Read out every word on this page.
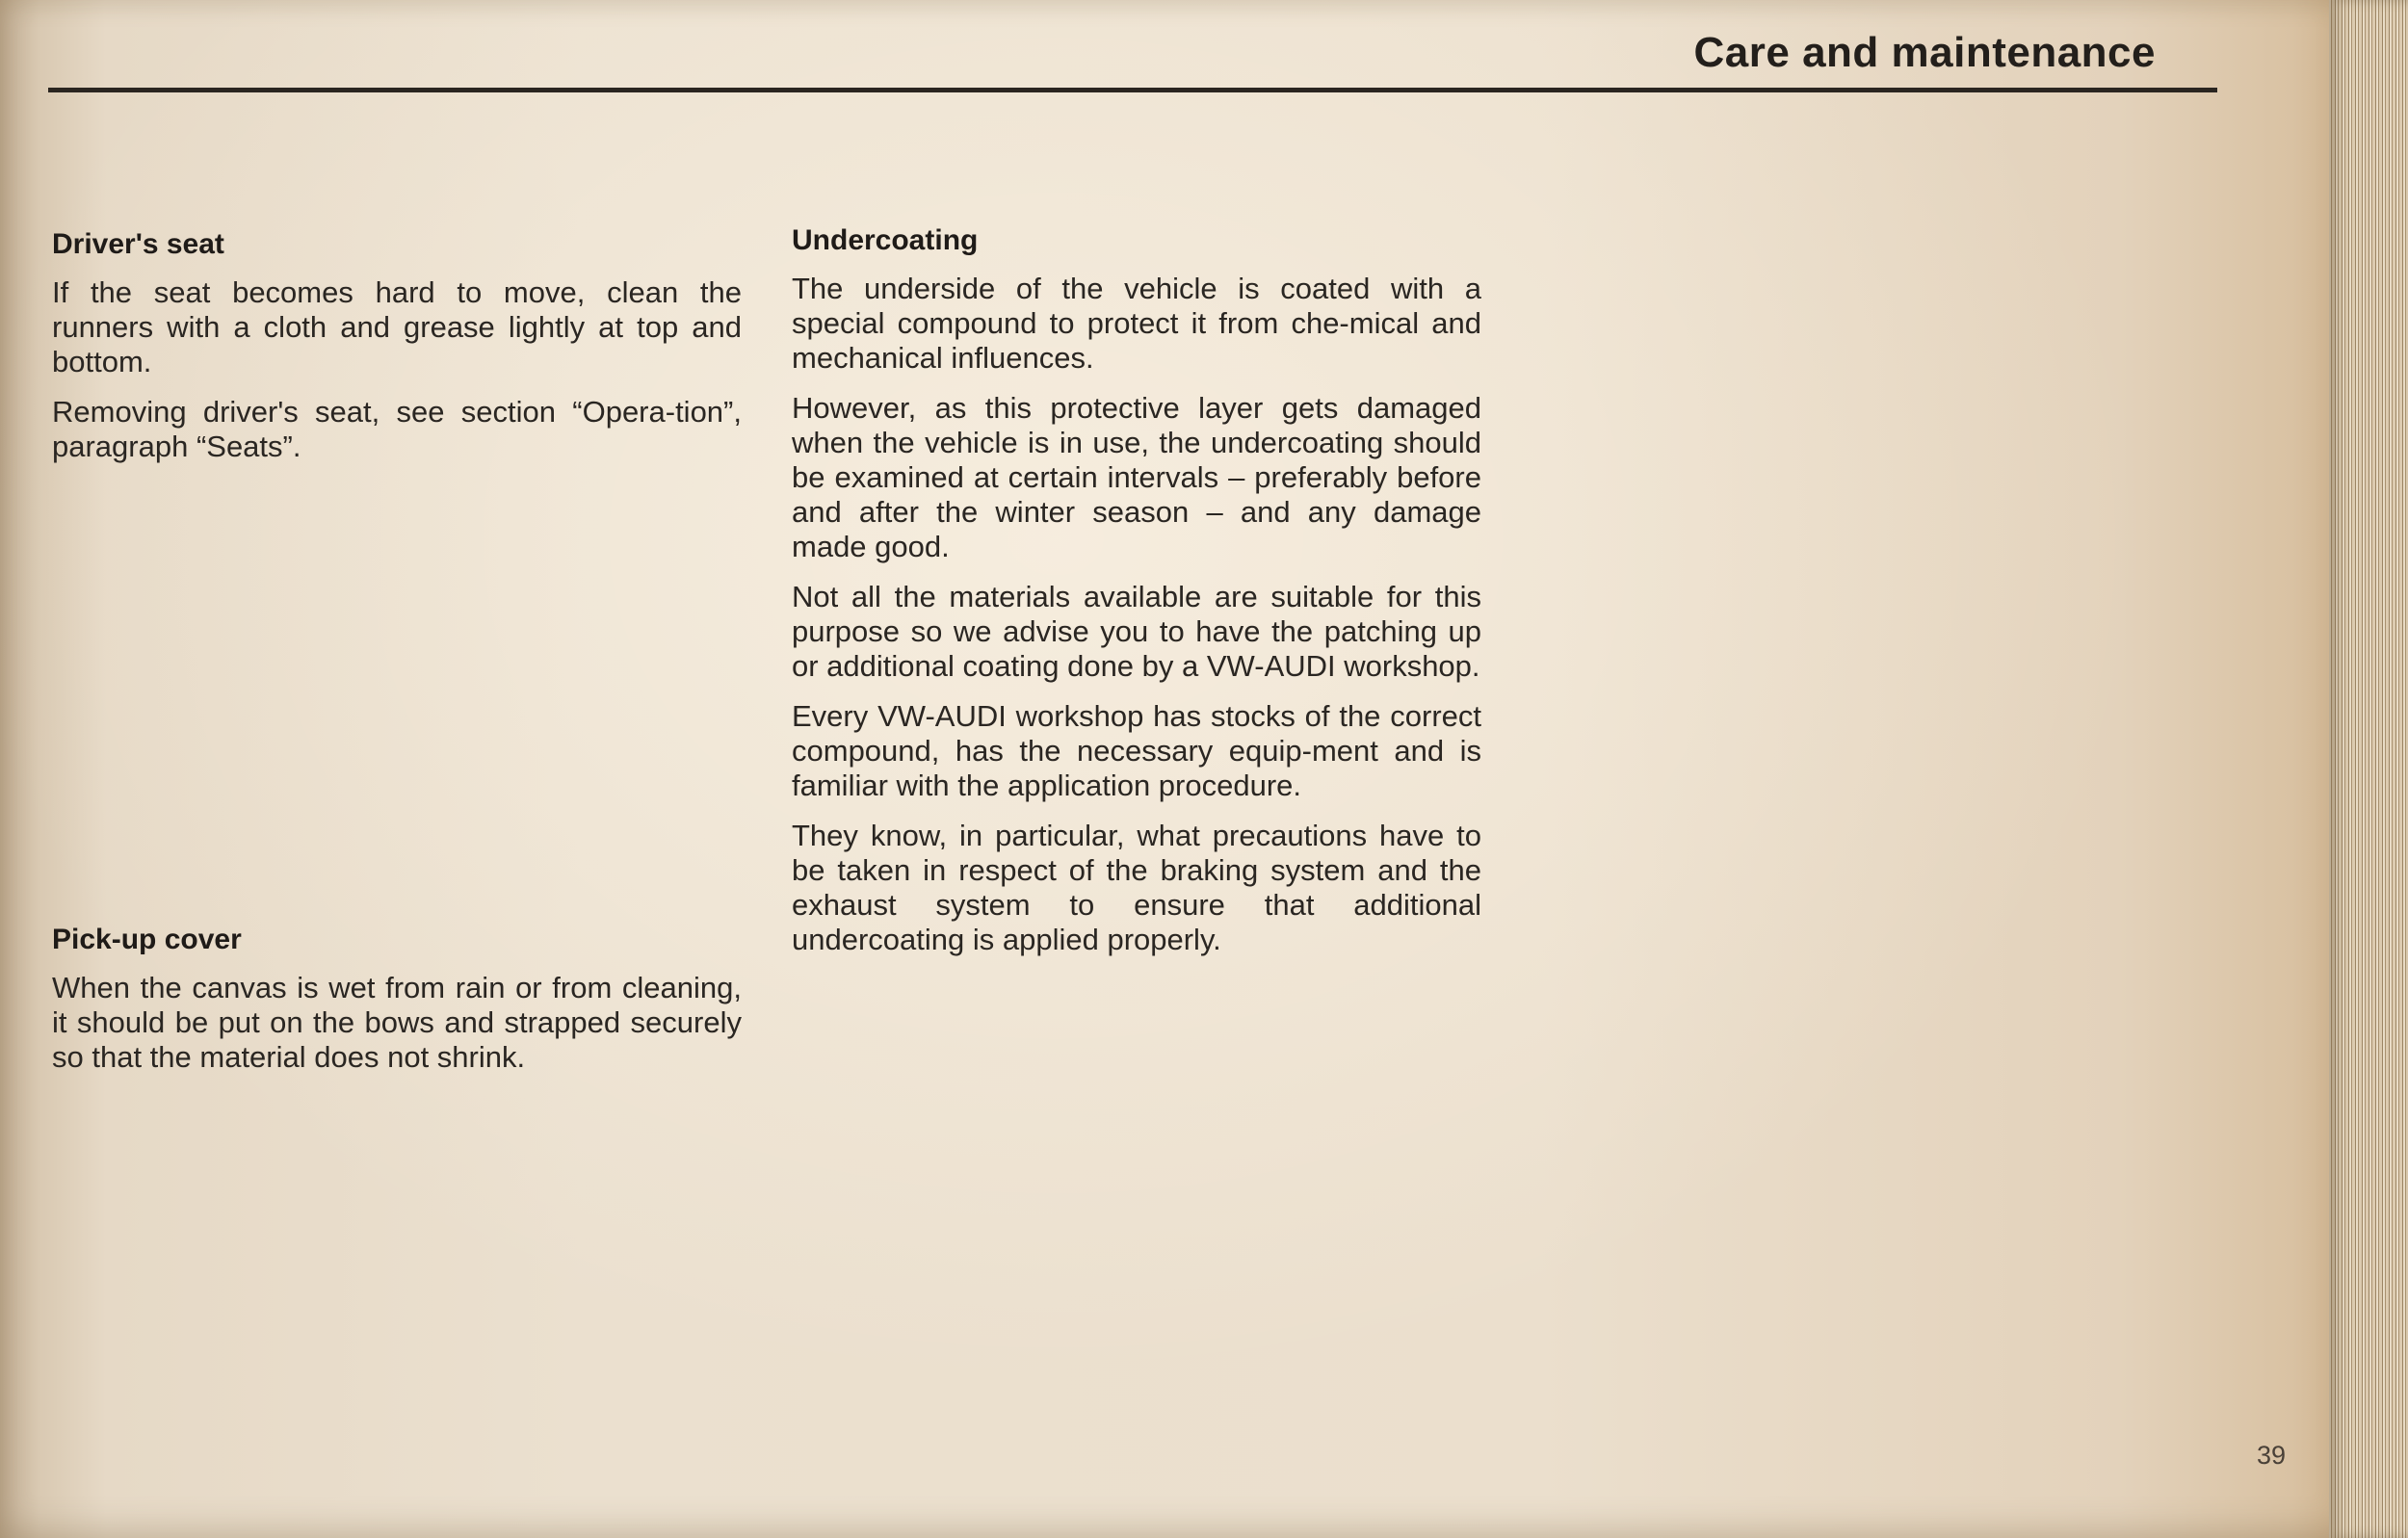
Care and maintenance
Driver's seat

If the seat becomes hard to move, clean the runners with a cloth and grease lightly at top and bottom.

Removing driver's seat, see section “Opera-tion”, paragraph “Seats”.

Pick-up cover

When the canvas is wet from rain or from cleaning, it should be put on the bows and strapped securely so that the material does not shrink.

Undercoating

The underside of the vehicle is coated with a special compound to protect it from che-mical and mechanical influences.

However, as this protective layer gets damaged when the vehicle is in use, the undercoating should be examined at certain intervals – preferably before and after the winter season – and any damage made good.

Not all the materials available are suitable for this purpose so we advise you to have the patching up or additional coating done by a VW-AUDI workshop.

Every VW-AUDI workshop has stocks of the correct compound, has the necessary equip-ment and is familiar with the application procedure.

They know, in particular, what precautions have to be taken in respect of the braking system and the exhaust system to ensure that additional undercoating is applied properly.

39
